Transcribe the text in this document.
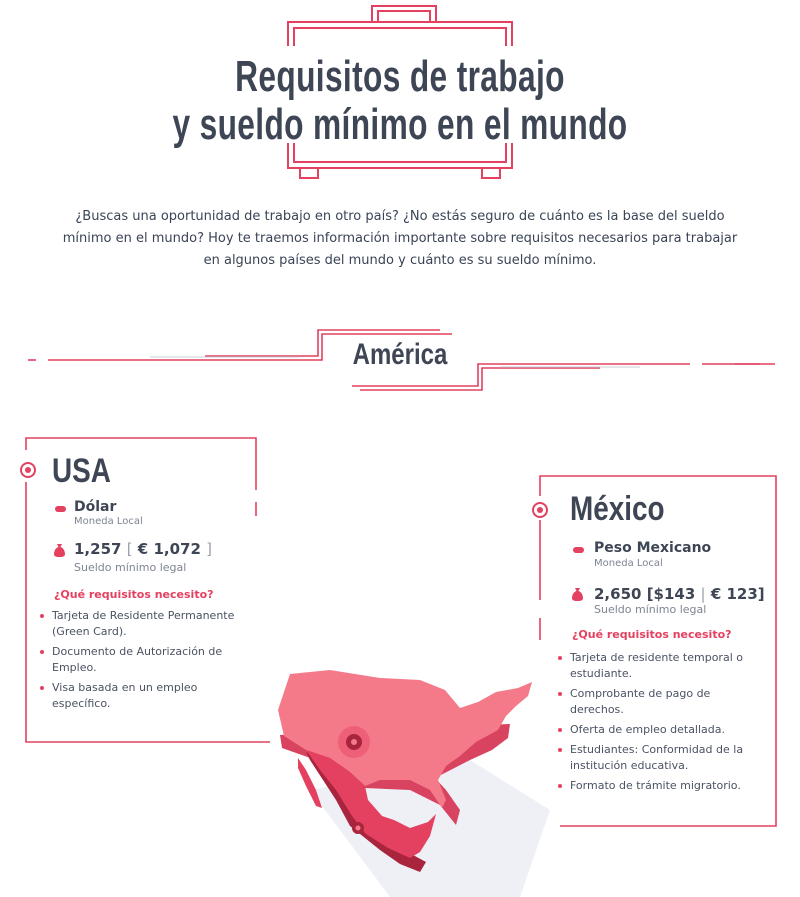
Requisitos de trabajo
y sueldo mínimo en el mundo

¿Buscas una oportunidad de trabajo en otro país? ¿No estás seguro de cuánto es la base del sueldo mínimo en el mundo? Hoy te traemos información importante sobre requisitos necesarios para trabajar en algunos países del mundo y cuánto es su sueldo mínimo.

América
USA
Dólar
Moneda Local
1,257 [ € 1,072 ]
Sueldo mínimo legal
¿Qué requisitos necesito?
Tarjeta de Residente Permanente (Green Card).
Documento de Autorización de Empleo.
Visa basada en un empleo específico.
México
Peso Mexicano
Moneda Local
2,650 [$143 | € 123]
Sueldo mínimo legal
¿Qué requisitos necesito?
Tarjeta de residente temporal o estudiante.
Comprobante de pago de derechos.
Oferta de empleo detallada.
Estudiantes: Conformidad de la institución educativa.
Formato de trámite migratorio.
